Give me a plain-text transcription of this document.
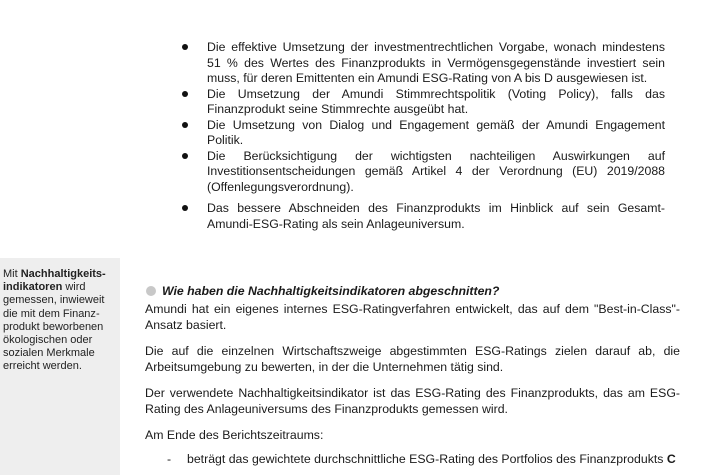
Die effektive Umsetzung der investmentrechtlichen Vorgabe, wonach mindestens 51 % des Wertes des Finanzprodukts in Vermögensgegenstände investiert sein muss, für deren Emittenten ein Amundi ESG-Rating von A bis D ausgewiesen ist.
Die Umsetzung der Amundi Stimmrechtspolitik (Voting Policy), falls das Finanzprodukt seine Stimmrechte ausgeübt hat.
Die Umsetzung von Dialog und Engagement gemäß der Amundi Engagement Politik.
Die Berücksichtigung der wichtigsten nachteiligen Auswirkungen auf Investitionsentscheidungen gemäß Artikel 4 der Verordnung (EU) 2019/2088 (Offenlegungsverordnung).
Das bessere Abschneiden des Finanzprodukts im Hinblick auf sein Gesamt-Amundi-ESG-Rating als sein Anlageuniversum.
Mit Nachhaltigkeitsindikatoren wird gemessen, inwieweit die mit dem Finanzprodukt beworbenen ökologischen oder sozialen Merkmale erreicht werden.
Wie haben die Nachhaltigkeitsindikatoren abgeschnitten?

Amundi hat ein eigenes internes ESG-Ratingverfahren entwickelt, das auf dem "Best-in-Class"-Ansatz basiert.

Die auf die einzelnen Wirtschaftszweige abgestimmten ESG-Ratings zielen darauf ab, die Arbeitsumgebung zu bewerten, in der die Unternehmen tätig sind.

Der verwendete Nachhaltigkeitsindikator ist das ESG-Rating des Finanzprodukts, das am ESG-Rating des Anlageuniversums des Finanzprodukts gemessen wird.

Am Ende des Berichtszeitraums:

- beträgt das gewichtete durchschnittliche ESG-Rating des Portfolios des Finanzprodukts C
